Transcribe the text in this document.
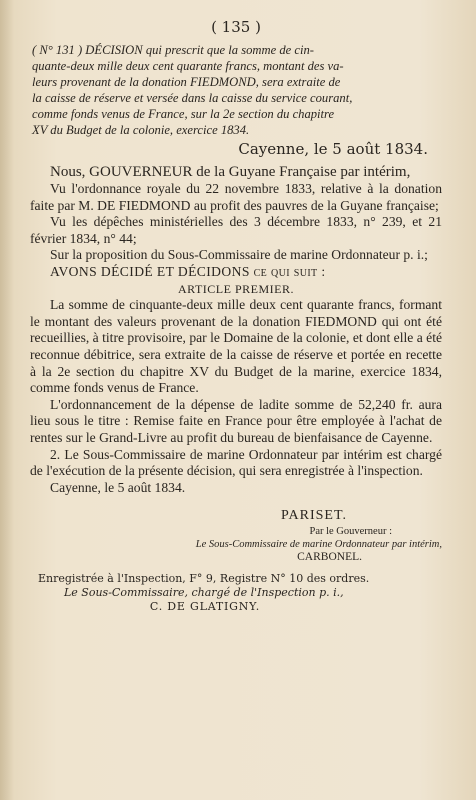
( 135 )
( N° 131 ) DÉCISION qui prescrit que la somme de cin-
quante-deux mille deux cent quarante francs, montant des va-
leurs provenant de la donation FIEDMOND, sera extraite de
la caisse de réserve et versée dans la caisse du service courant,
comme fonds venus de France, sur la 2e section du chapitre
XV du Budget de la colonie, exercice 1834.
Cayenne, le 5 août 1834.

Nous, GOUVERNEUR de la Guyane Française par intérim,

Vu l'ordonnance royale du 22 novembre 1833, relative à la donation faite par M. DE FIEDMOND au profit des pauvres de la Guyane française;

Vu les dépêches ministérielles des 3 décembre 1833, n° 239, et 21 février 1834, n° 44;

Sur la proposition du Sous-Commissaire de marine Ordonnateur p. i.;

AVONS DÉCIDÉ ET DÉCIDONS ce qui suit :

ARTICLE PREMIER.

La somme de cinquante-deux mille deux cent quarante francs, formant le montant des valeurs provenant de la donation FIEDMOND qui ont été recueillies, à titre provisoire, par le Domaine de la colonie, et dont elle a été reconnue débitrice, sera extraite de la caisse de réserve et portée en recette à la 2e section du chapitre XV du Budget de la marine, exercice 1834, comme fonds venus de France.

L'ordonnancement de la dépense de ladite somme de 52,240 fr. aura lieu sous le titre : Remise faite en France pour être employée à l'achat de rentes sur le Grand-Livre au profit du bureau de bienfaisance de Cayenne.

2. Le Sous-Commissaire de marine Ordonnateur par intérim est chargé de l'exécution de la présente décision, qui sera enregistrée à l'inspection.

Cayenne, le 5 août 1834.

PARISET.
Par le Gouverneur :
Le Sous-Commissaire de marine Ordonnateur par intérim,
CARBONEL.
Enregistrée à l'Inspection, F° 9, Registre N° 10 des ordres.
Le Sous-Commissaire, chargé de l'Inspection p. i.,
C. DE GLATIGNY.
